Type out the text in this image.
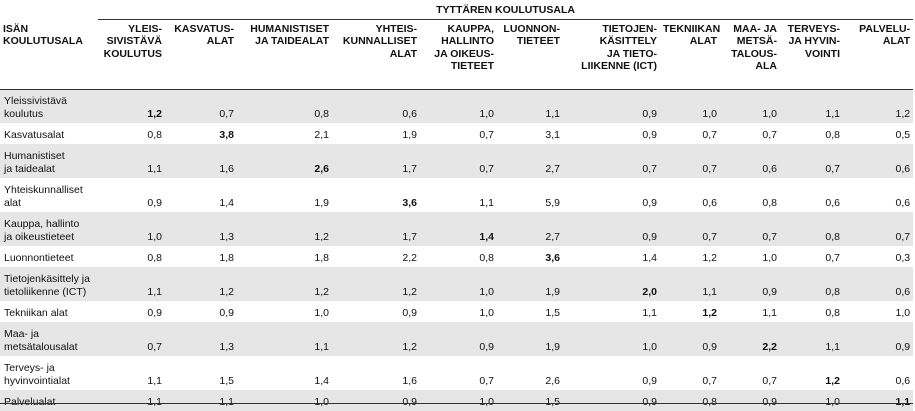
	TYTTÄREN KOULUTUSALA										

ISÄN
KOULUTUSALA	YLEIS-
SIVISTÄVÄ
KOULUTUS	KASVATUS-
ALAT	HUMANISTISET
JA TAIDEALAT	YHTEIS-
KUNNALLISET
ALAT	KAUPPA,
HALLINTO
JA OIKEUS-
TIETEET	LUONNON-
TIETEET	TIETOJEN-
KÄSITTELY
JA TIETO-
LIIKENNE (ICT)	TEKNIIKAN
ALAT	MAA- JA
METSÄ-
TALOUS-
ALA	TERVEYS-
JA HYVIN-
VOINTI	PALVELU-
ALAT
Yleissivistävä
koulutus	1,2	0,7	0,8	0,6	1,0	1,1	0,9	1,0	1,0	1,1	1,2
Kasvatusalat	0,8	3,8	2,1	1,9	0,7	3,1	0,9	0,7	0,7	0,8	0,5
Humanistiset
ja taidealat	1,1	1,6	2,6	1,7	0,7	2,7	0,7	0,7	0,6	0,7	0,6
Yhteiskunnalliset
alat	0,9	1,4	1,9	3,6	1,1	5,9	0,9	0,6	0,8	0,6	0,6
Kauppa, hallinto
ja oikeustieteet	1,0	1,3	1,2	1,7	1,4	2,7	0,9	0,7	0,7	0,8	0,7
Luonnontieteet	0,8	1,8	1,8	2,2	0,8	3,6	1,4	1,2	1,0	0,7	0,3
Tietojenkäsittely ja
tietoliikenne (ICT)	1,1	1,2	1,2	1,2	1,0	1,9	2,0	1,1	0,9	0,8	0,6
Tekniikan alat	0,9	0,9	1,0	0,9	1,0	1,5	1,1	1,2	1,1	0,8	1,0
Maa- ja
metsätalousalat	0,7	1,3	1,1	1,2	0,9	1,9	1,0	0,9	2,2	1,1	0,9
Terveys- ja
hyvinvointialat	1,1	1,5	1,4	1,6	0,7	2,6	0,9	0,7	0,7	1,2	0,6
Palvelualat	1,1	1,1	1,0	0,9	1,0	1,5	0,9	0,8	0,9	1,0	1,1
